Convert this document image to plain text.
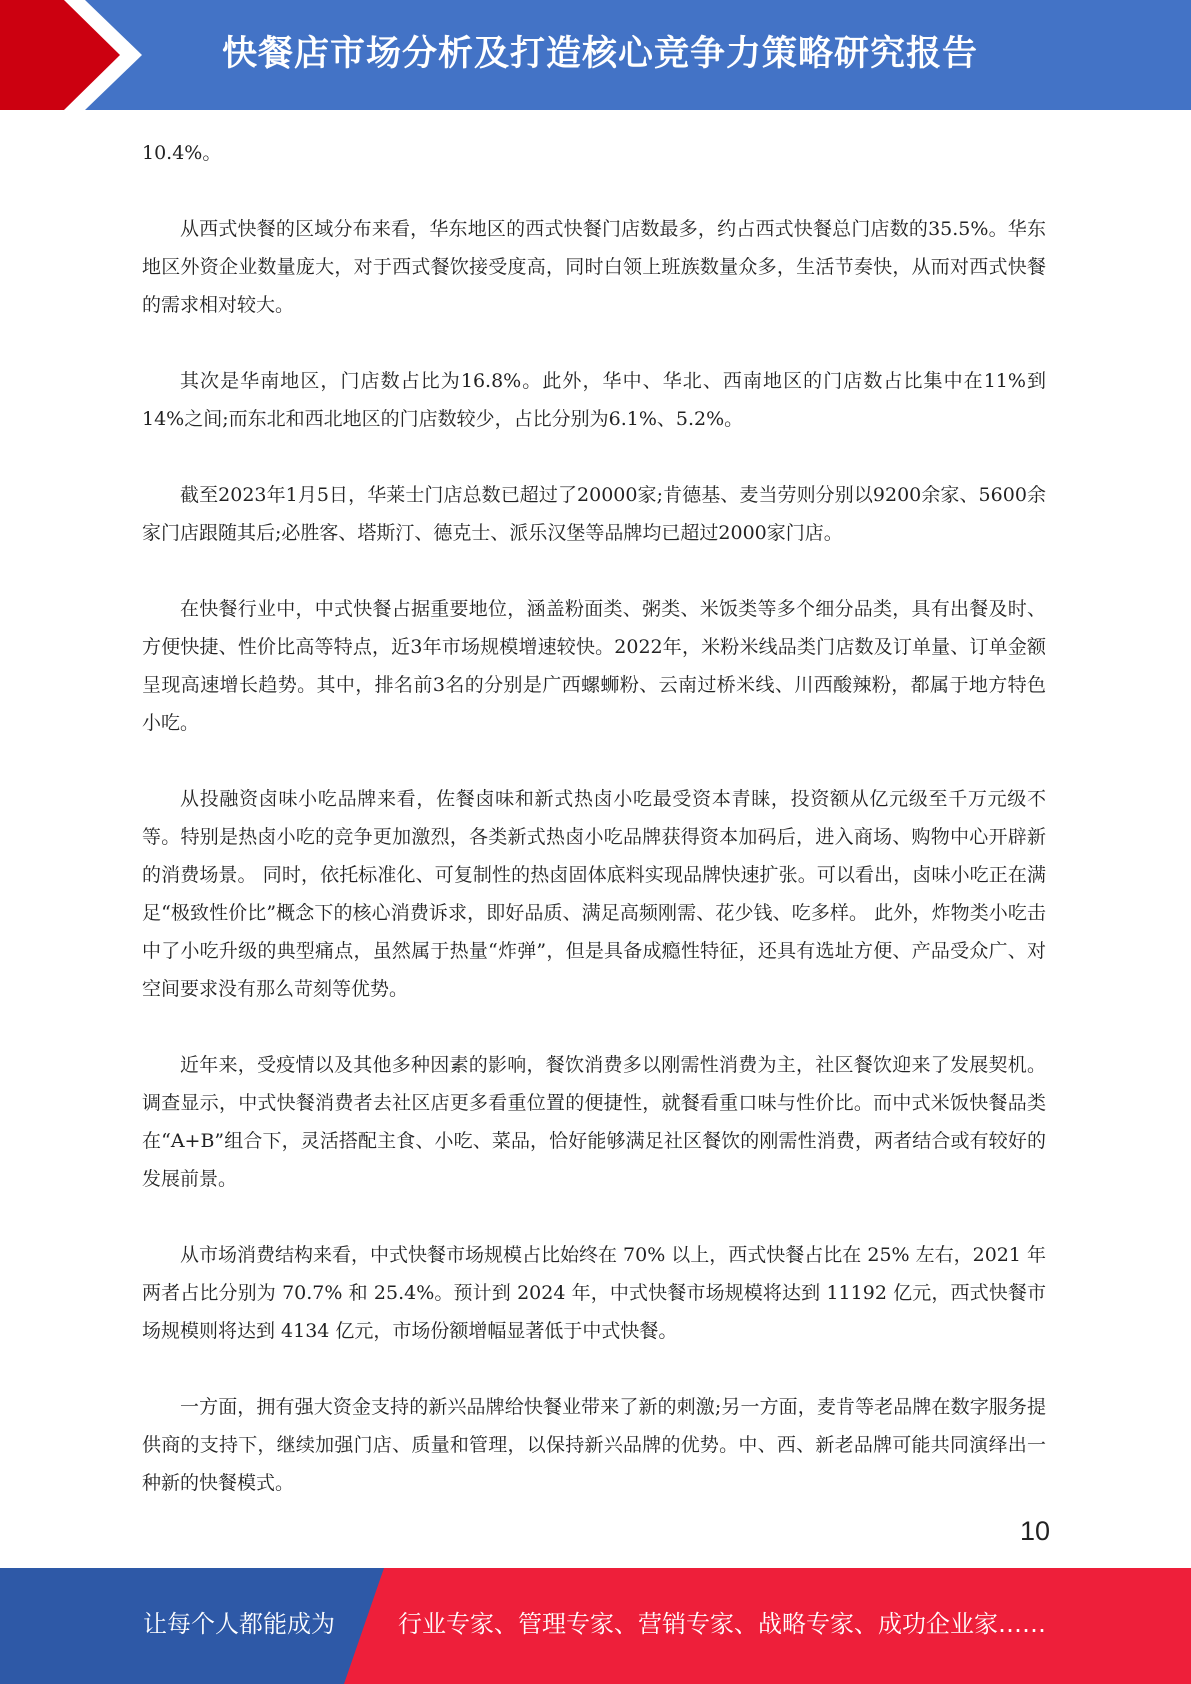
快餐店市场分析及打造核心竞争力策略研究报告

10.4%。

从西式快餐的区域分布来看，华东地区的西式快餐门店数最多，约占西式快餐总门店数的35.5%。华东地区外资企业数量庞大，对于西式餐饮接受度高，同时白领上班族数量众多，生活节奏快，从而对西式快餐的需求相对较大。

其次是华南地区，门店数占比为16.8%。此外，华中、华北、西南地区的门店数占比集中在11%到14%之间;而东北和西北地区的门店数较少，占比分别为6.1%、5.2%。

截至2023年1月5日，华莱士门店总数已超过了20000家;肯德基、麦当劳则分别以9200余家、5600余家门店跟随其后;必胜客、塔斯汀、德克士、派乐汉堡等品牌均已超过2000家门店。

在快餐行业中，中式快餐占据重要地位，涵盖粉面类、粥类、米饭类等多个细分品类，具有出餐及时、方便快捷、性价比高等特点，近3年市场规模增速较快。2022年，米粉米线品类门店数及订单量、订单金额呈现高速增长趋势。其中，排名前3名的分别是广西螺蛳粉、云南过桥米线、川西酸辣粉，都属于地方特色小吃。

从投融资卤味小吃品牌来看，佐餐卤味和新式热卤小吃最受资本青睐，投资额从亿元级至千万元级不等。特别是热卤小吃的竞争更加激烈，各类新式热卤小吃品牌获得资本加码后，进入商场、购物中心开辟新的消费场景。 同时，依托标准化、可复制性的热卤固体底料实现品牌快速扩张。可以看出，卤味小吃正在满足“极致性价比”概念下的核心消费诉求，即好品质、满足高频刚需、花少钱、吃多样。 此外，炸物类小吃击中了小吃升级的典型痛点，虽然属于热量“炸弹”，但是具备成瘾性特征，还具有选址方便、产品受众广、对空间要求没有那么苛刻等优势。

近年来，受疫情以及其他多种因素的影响，餐饮消费多以刚需性消费为主，社区餐饮迎来了发展契机。调查显示，中式快餐消费者去社区店更多看重位置的便捷性，就餐看重口味与性价比。而中式米饭快餐品类在“A+B”组合下，灵活搭配主食、小吃、菜品，恰好能够满足社区餐饮的刚需性消费，两者结合或有较好的发展前景。

从市场消费结构来看，中式快餐市场规模占比始终在 70% 以上，西式快餐占比在 25% 左右，2021 年两者占比分别为 70.7% 和 25.4%。预计到 2024 年，中式快餐市场规模将达到 11192 亿元，西式快餐市场规模则将达到 4134 亿元，市场份额增幅显著低于中式快餐。

一方面，拥有强大资金支持的新兴品牌给快餐业带来了新的刺激;另一方面，麦肯等老品牌在数字服务提供商的支持下，继续加强门店、质量和管理，以保持新兴品牌的优势。中、西、新老品牌可能共同演绎出一种新的快餐模式。

10
让每个人都能成为	行业专家、管理专家、营销专家、战略专家、成功企业家……
